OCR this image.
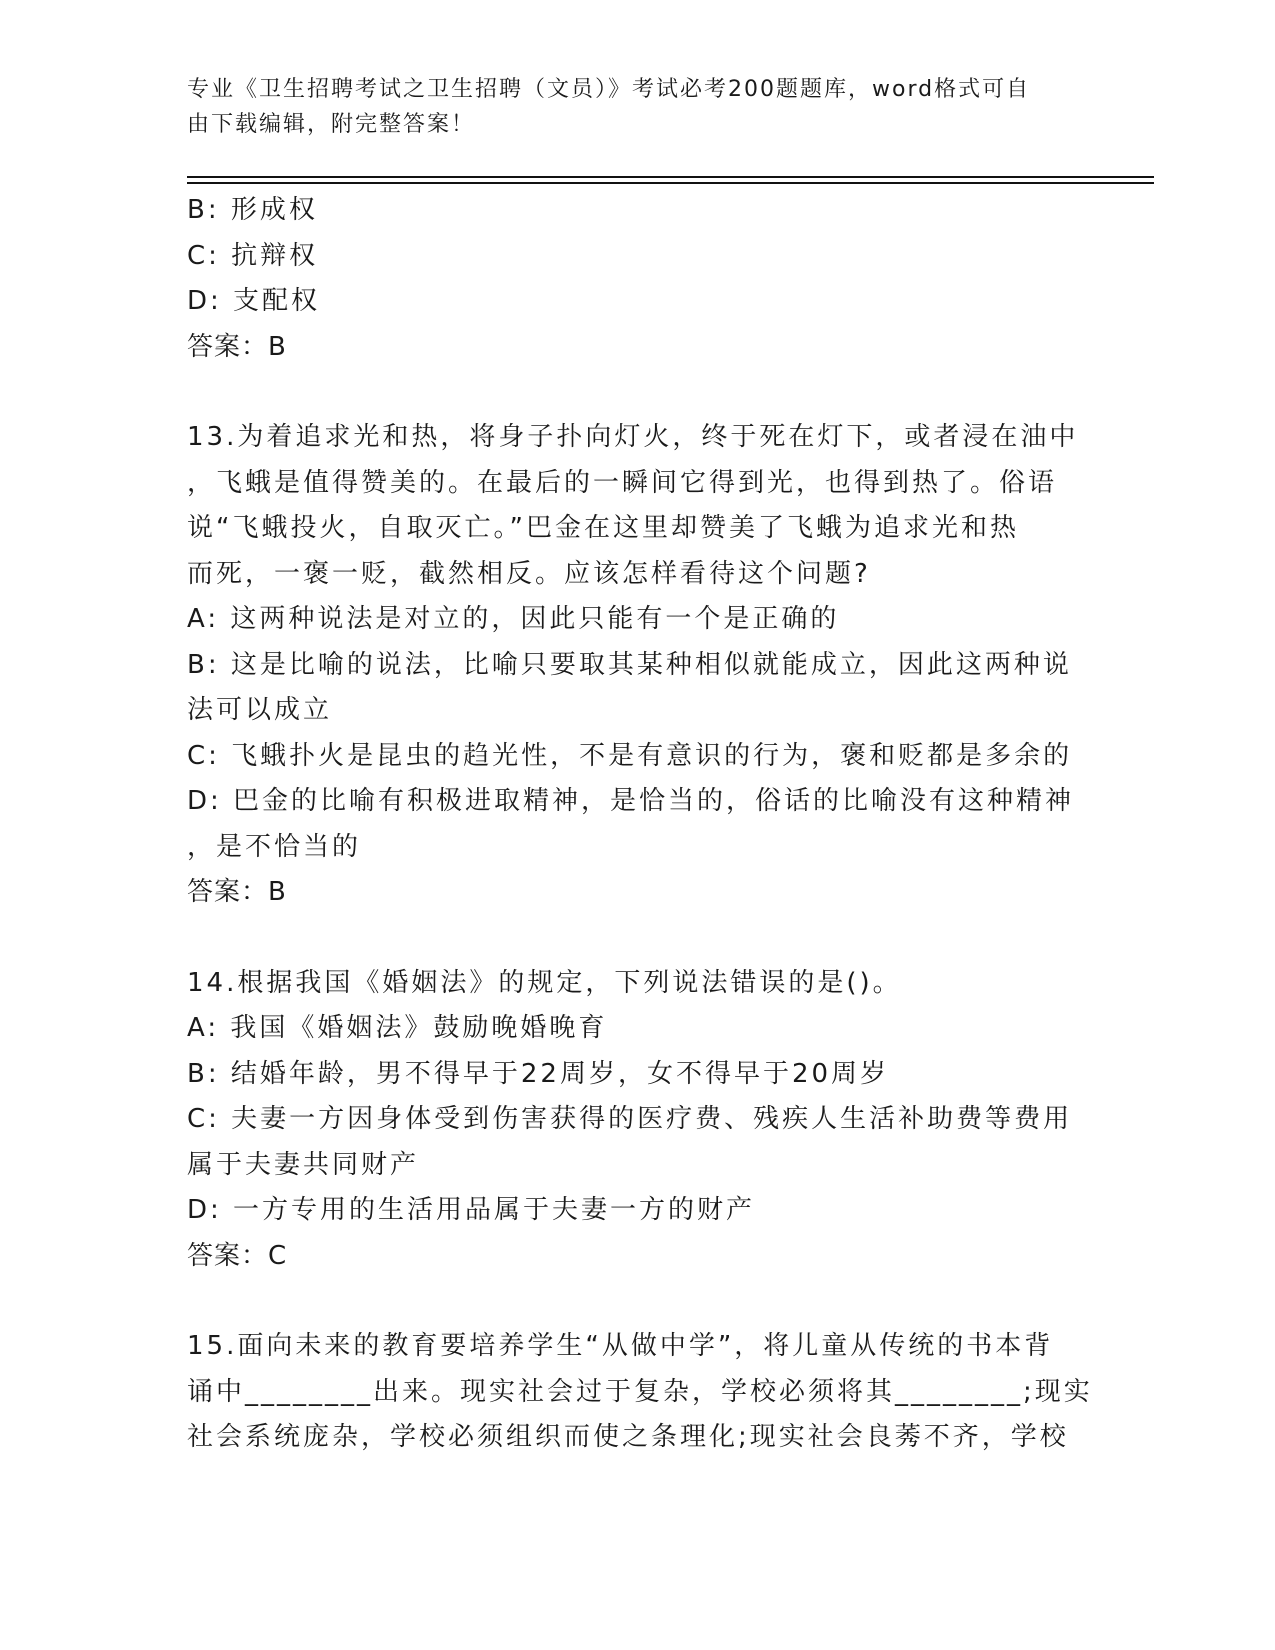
专业《卫生招聘考试之卫生招聘（文员）》考试必考200题题库，word格式可自
由下载编辑，附完整答案！
B: 形成权
C: 抗辩权
D: 支配权
答案：B
13.为着追求光和热，将身子扑向灯火，终于死在灯下，或者浸在油中
，飞蛾是值得赞美的。在最后的一瞬间它得到光，也得到热了。俗语
说“飞蛾投火，自取灭亡。”巴金在这里却赞美了飞蛾为追求光和热
而死，一褒一贬，截然相反。应该怎样看待这个问题?
A: 这两种说法是对立的，因此只能有一个是正确的
B: 这是比喻的说法，比喻只要取其某种相似就能成立，因此这两种说
法可以成立
C: 飞蛾扑火是昆虫的趋光性，不是有意识的行为，褒和贬都是多余的
D: 巴金的比喻有积极进取精神，是恰当的，俗话的比喻没有这种精神
，是不恰当的
答案：B
14.根据我国《婚姻法》的规定，下列说法错误的是()。
A: 我国《婚姻法》鼓励晚婚晚育
B: 结婚年龄，男不得早于22周岁，女不得早于20周岁
C: 夫妻一方因身体受到伤害获得的医疗费、残疾人生活补助费等费用
属于夫妻共同财产
D: 一方专用的生活用品属于夫妻一方的财产
答案：C
15.面向未来的教育要培养学生“从做中学”，将儿童从传统的书本背
诵中________出来。现实社会过于复杂，学校必须将其________;现实
社会系统庞杂，学校必须组织而使之条理化;现实社会良莠不齐，学校
